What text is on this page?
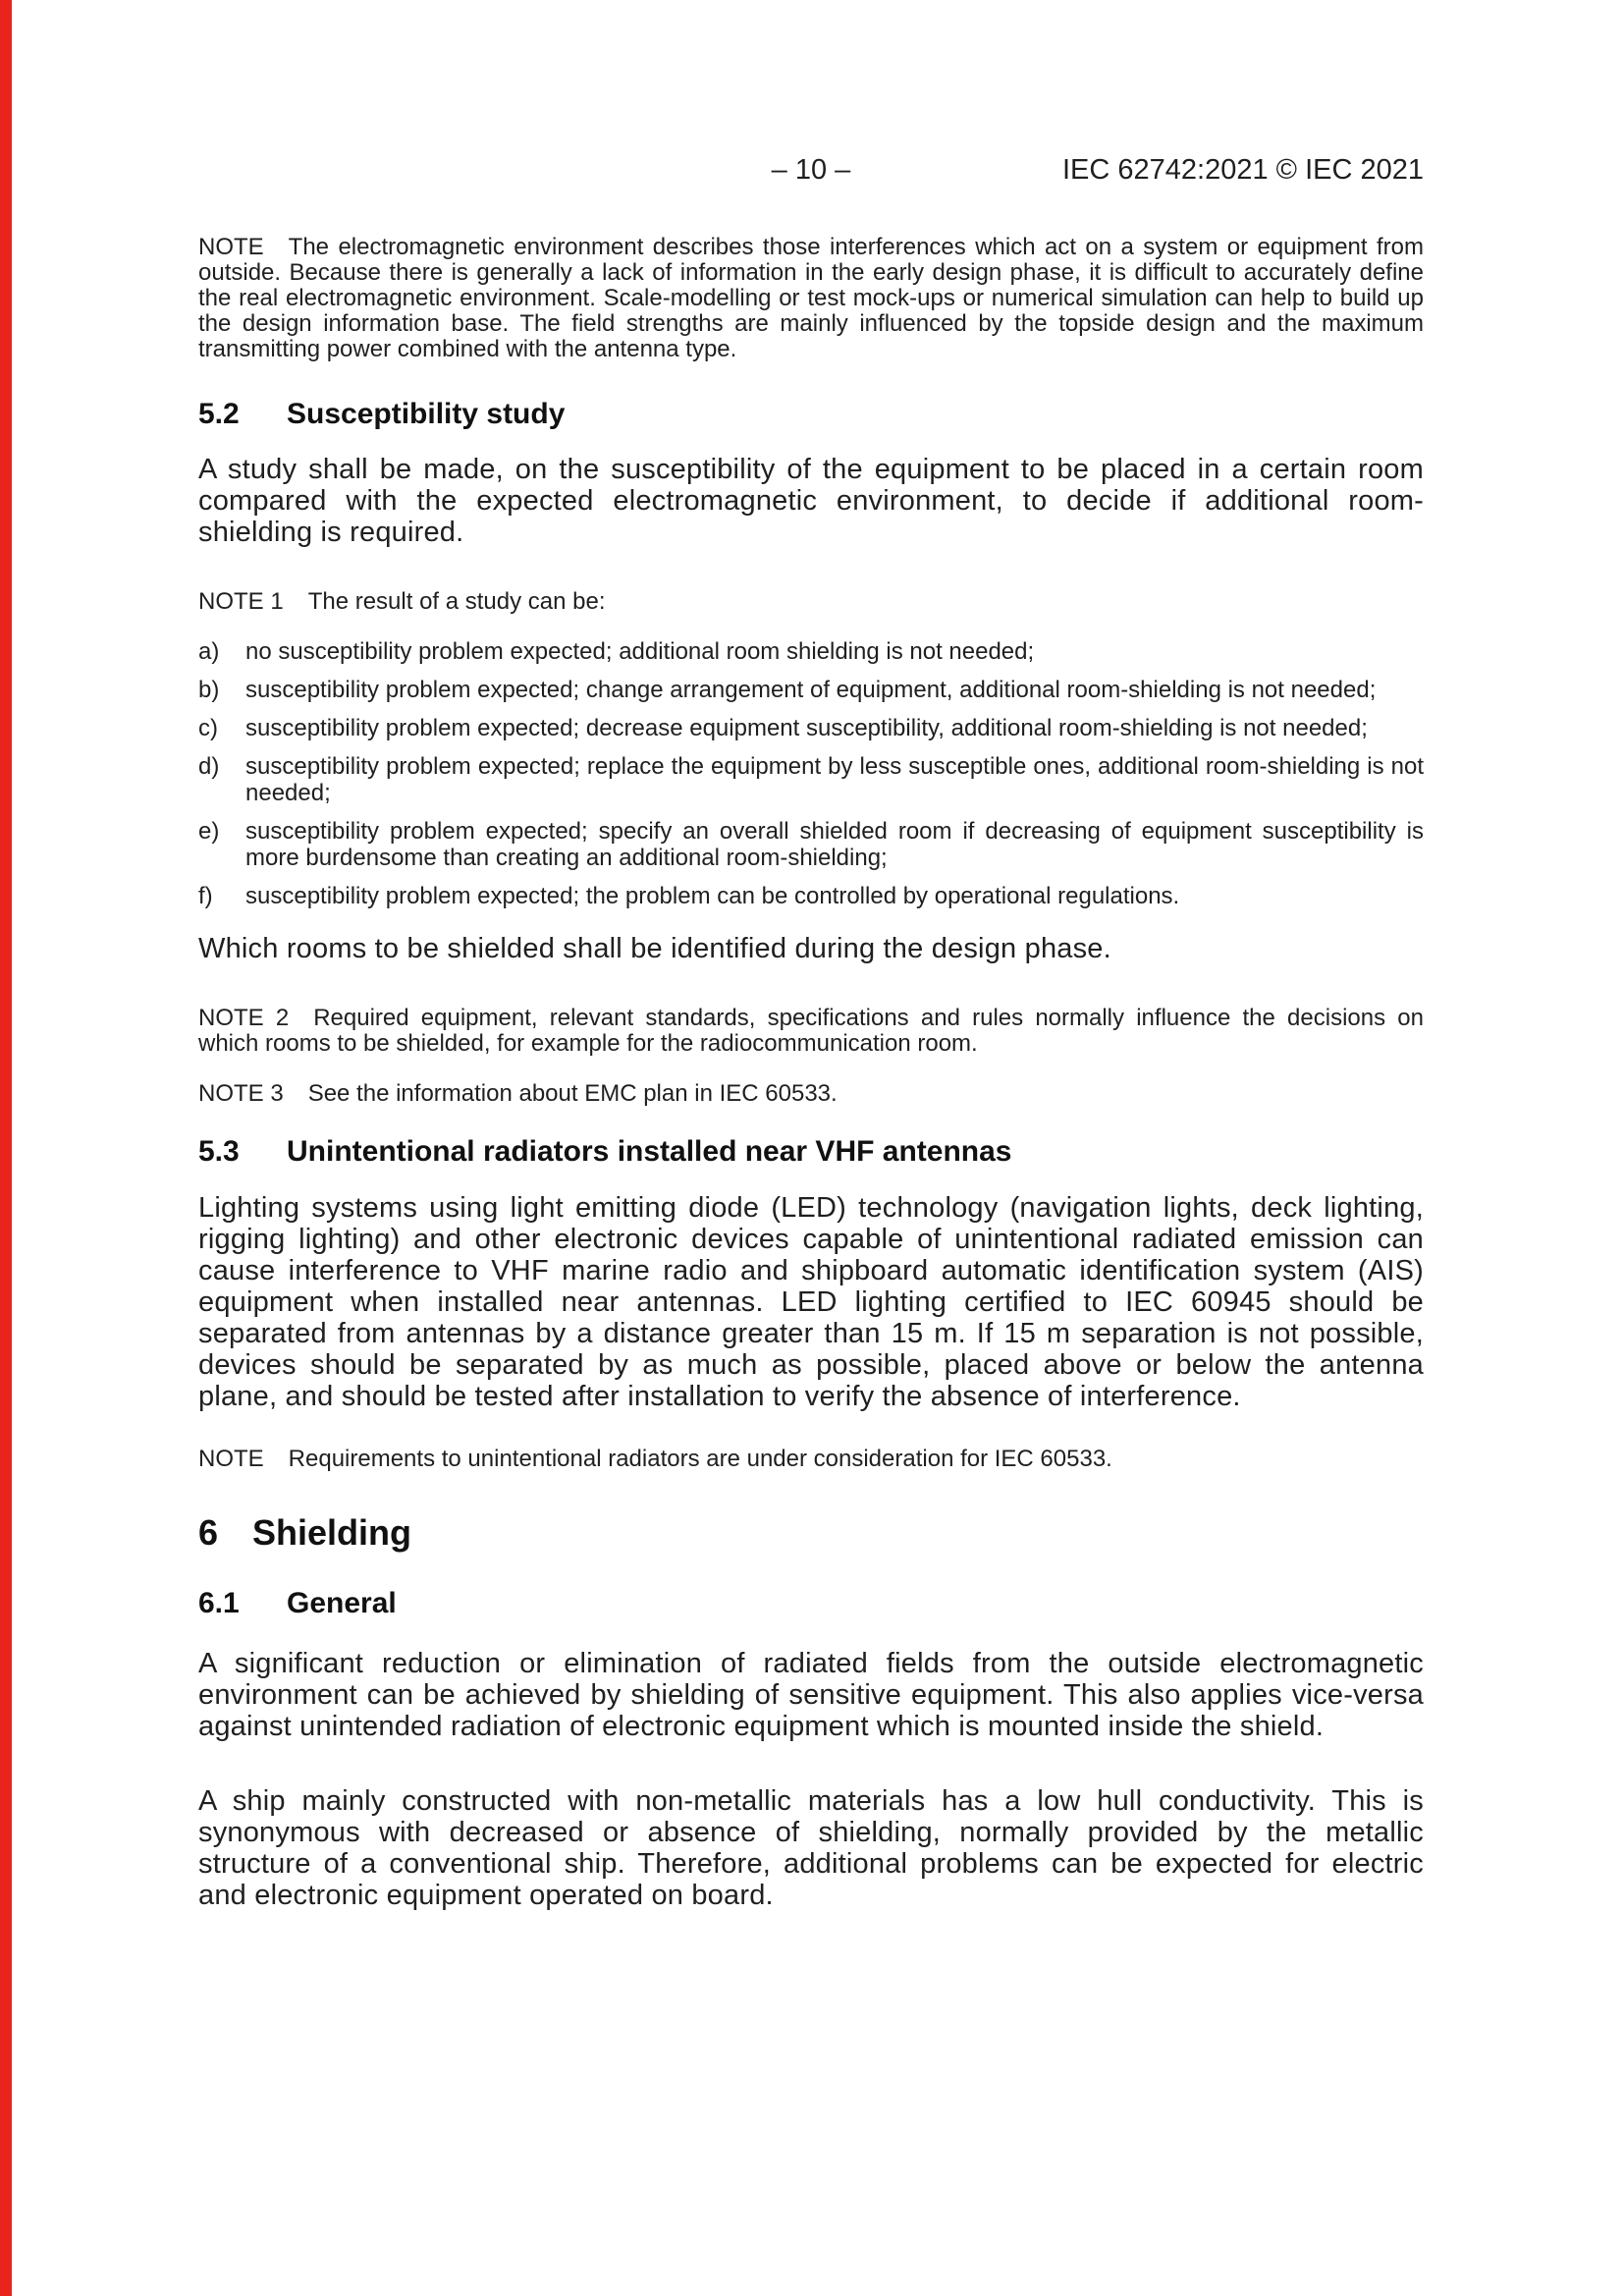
– 10 –	IEC 62742:2021 © IEC 2021

NOTE The electromagnetic environment describes those interferences which act on a system or equipment from outside. Because there is generally a lack of information in the early design phase, it is difficult to accurately define the real electromagnetic environment. Scale-modelling or test mock-ups or numerical simulation can help to build up the design information base. The field strengths are mainly influenced by the topside design and the maximum transmitting power combined with the antenna type.

5.2	Susceptibility study

A study shall be made, on the susceptibility of the equipment to be placed in a certain room compared with the expected electromagnetic environment, to decide if additional room-shielding is required.

NOTE 1 The result of a study can be:

a) no susceptibility problem expected; additional room shielding is not needed;
b) susceptibility problem expected; change arrangement of equipment, additional room-shielding is not needed;
c) susceptibility problem expected; decrease equipment susceptibility, additional room-shielding is not needed;
d) susceptibility problem expected; replace the equipment by less susceptible ones, additional room-shielding is not needed;
e) susceptibility problem expected; specify an overall shielded room if decreasing of equipment susceptibility is more burdensome than creating an additional room-shielding;
f) susceptibility problem expected; the problem can be controlled by operational regulations.

Which rooms to be shielded shall be identified during the design phase.

NOTE 2 Required equipment, relevant standards, specifications and rules normally influence the decisions on which rooms to be shielded, for example for the radiocommunication room.

NOTE 3 See the information about EMC plan in IEC 60533.

5.3	Unintentional radiators installed near VHF antennas

Lighting systems using light emitting diode (LED) technology (navigation lights, deck lighting, rigging lighting) and other electronic devices capable of unintentional radiated emission can cause interference to VHF marine radio and shipboard automatic identification system (AIS) equipment when installed near antennas. LED lighting certified to IEC 60945 should be separated from antennas by a distance greater than 15 m. If 15 m separation is not possible, devices should be separated by as much as possible, placed above or below the antenna plane, and should be tested after installation to verify the absence of interference.

NOTE Requirements to unintentional radiators are under consideration for IEC 60533.

6 Shielding
6.1	General

A significant reduction or elimination of radiated fields from the outside electromagnetic environment can be achieved by shielding of sensitive equipment. This also applies vice-versa against unintended radiation of electronic equipment which is mounted inside the shield.

A ship mainly constructed with non-metallic materials has a low hull conductivity. This is synonymous with decreased or absence of shielding, normally provided by the metallic structure of a conventional ship. Therefore, additional problems can be expected for electric and electronic equipment operated on board.
